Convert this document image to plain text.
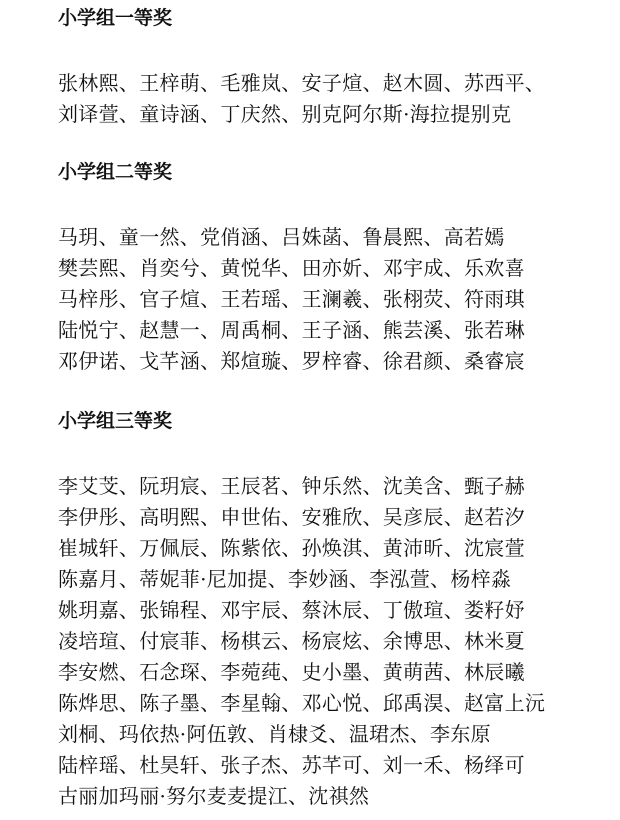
小学组一等奖
张林熙、王梓萌、毛雅岚、安子煊、赵木圆、苏西平、
刘译萱、童诗涵、丁庆然、别克阿尔斯·海拉提别克
小学组二等奖
马玥、童一然、党俏涵、吕姝菡、鲁晨熙、高若嫣
樊芸熙、肖奕兮、黄悦华、田亦妡、邓宇成、乐欢喜
马梓彤、官子煊、王若瑶、王澜羲、张栩荧、符雨琪
陆悦宁、赵慧一、周禹桐、王子涵、熊芸溪、张若琳
邓伊诺、戈芊涵、郑煊璇、罗梓睿、徐君颜、桑睿宸
小学组三等奖
李艾芠、阮玥宸、王辰茗、钟乐然、沈美含、甄子赫
李伊彤、高明熙、申世佑、安雅欣、吴彦辰、赵若汐
崔城轩、万佩辰、陈紫依、孙焕淇、黄沛昕、沈宸萱
陈嘉月、蒂妮菲·尼加提、李妙涵、李泓萱、杨梓淼
姚玥嘉、张锦程、邓宇辰、蔡沐辰、丁傲瑄、娄籽妤
凌培瑄、付宸菲、杨棋云、杨宸炫、余博思、林米夏
李安燃、石念琛、李菀莼、史小墨、黄萌茜、林辰曦
陈烨思、陈子墨、李星翰、邓心悦、邱禹淏、赵富上沅
刘桐、玛依热·阿伍敦、肖棣爻、温珺杰、李东原
陆梓瑶、杜昊轩、张子杰、苏芊可、刘一禾、杨绎可
古丽加玛丽·努尔麦麦提江、沈祺然
